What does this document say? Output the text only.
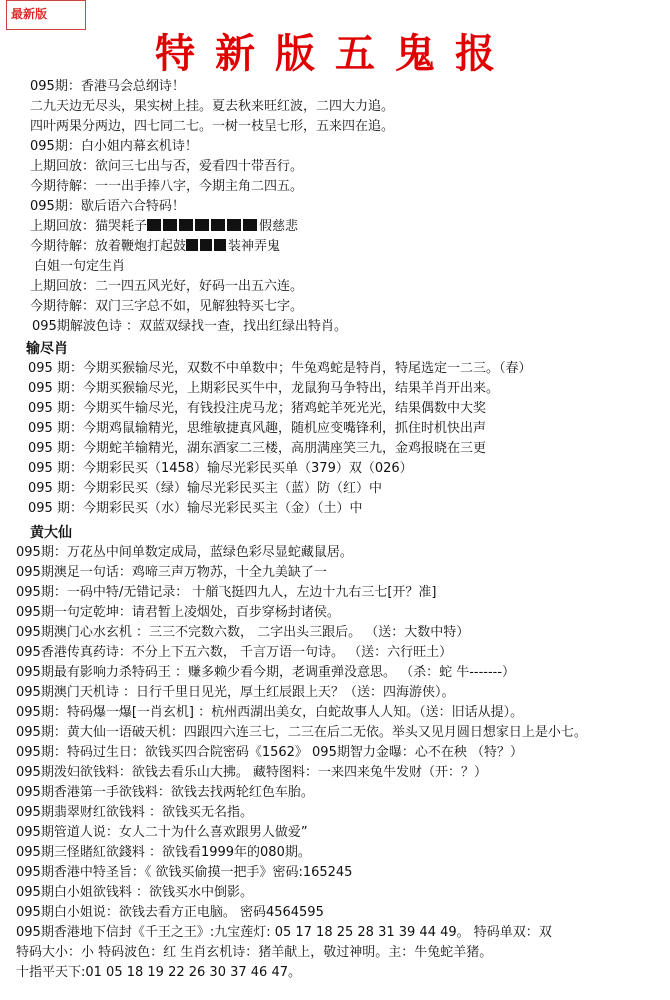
最新版
特新版五鬼报
095期：香港马会总纲诗！
二九天边无尽头，果实树上挂。夏去秋来旺红波，二四大力追。
四叶两果分两边，四七同二七。一树一枝呈七形，五来四在追。
095期：白小姐内幕玄机诗！
上期回放：欲问三七出与否，爱看四十带吾行。
今期待解：一一出手捧八字，今期主角二四五。
095期：歇后语六合特码！
上期回放：猫哭耗子	假慈悲
今期待解：放着鞭炮打起鼓	装神弄鬼
白姐一句定生肖
上期回放：二一四五风光好，好码一出五六连。
今期待解：双门三字总不如，见解独特买七字。
095期解波色诗 ：双蓝双绿找一查，找出红绿出特肖。
输尽肖
095 期：今期买猴输尽光，双数不中单数中；牛兔鸡蛇是特肖，特尾选定一二三。（春）
095 期：今期买猴输尽光，上期彩民买牛中，龙鼠狗马争特出，结果羊肖开出来。
095 期：今期买牛输尽光，有钱投注虎马龙；猪鸡蛇羊死光光，结果偶数中大奖
095 期：今期鸡鼠输精光，思维敏捷真风趣，随机应变嘴锋利，抓住时机快出声
095 期：今期蛇羊输精光，湖东酒家二三楼，高朋满座笑三九，金鸡报晓在三更
095 期：今期彩民买（1458）输尽光彩民买单（379）双（026）
095 期：今期彩民买（绿）输尽光彩民买主（蓝）防（红）中
095 期：今期彩民买（水）输尽光彩民买主（金）（土）中
黄大仙
095期：万花丛中间单数定成局，蓝绿色彩尽显蛇藏鼠居。
095期澳足一句话：鸡啼三声万物苏，十全九美缺了一
095期：一码中特/无错记录： 十艏飞挺四九人，左边十九右三七[开？准]
095期一句定乾坤：请君暂上凌烟处，百步穿杨封诸侯。
095期澳门心水玄机 ：三三不完数六数， 二字出头三跟后。 （送：大数中特）
095香港传真药诗：不分上下五六数， 千言万语一句诗。 （送：六行旺土）
095期最有影响力杀特码王 ：赚多赖少看今期，老调重弹没意思。 （杀：蛇 牛-------）
095期澳门天机诗 ：日行千里日见光，厚土红辰跟上天？（送：四海游侠）。
095期：特码爆一爆[一肖玄机] ：杭州西湖出美女，白蛇故事人人知。（送：旧话从提）。
095期：黄大仙一语破天机：四跟四六连三七，二三在后二无依。举头又见月圆日想家日上是小七。
095期：特码过生日：欲钱买四合院密码《1562》 095期智力金曝：心不在秧 （特？）
095期泼妇欲钱料：欲钱去看乐山大拂。 藏特图料：一来四来兔牛发财（开：？）
095期香港第一手欲钱料：欲钱去找两轮红色车胎。
095期翡翠财红欲钱料 ：欲钱买无名指。
095期管道人说：女人二十为什么喜欢跟男人做爱”
095期三怪賭紅欲錢料 ：欲钱看1999年的080期。
095期香港中特圣旨：《 欲钱买偷摸一把手》密码:165245
095期白小姐欲钱料 ：欲钱买水中倒影。
095期白小姐说：欲钱去看方正电脑。 密码4564595
095期香港地下信封《千王之王》:九宝莲灯: 05 17 18 25 28 31 39 44 49。 特码单双：双
特码大小：小 特码波色：红 生肖玄机诗：猪羊献上，敬过神明。主：牛兔蛇羊猪。
十指平天下:01 05 18 19 22 26 30 37 46 47。
